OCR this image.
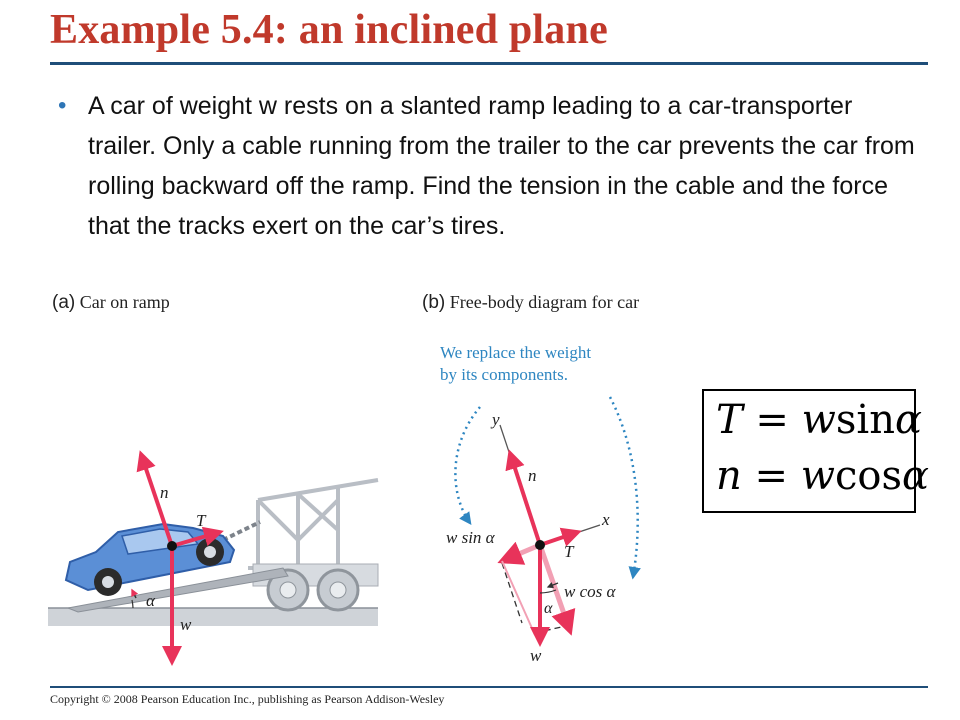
Example 5.4: an inclined plane
• A car of weight w rests on a slanted ramp leading to a car-transporter trailer. Only a cable running from the trailer to the car prevents the car from rolling backward off the ramp. Find the tension in the cable and the force that the tracks exert on the car’s tires.
(a) Car on ramp	(b) Free-body diagram for car
We replace the weight
by its components.
n
T
α
w
y
x
n
T
w sin α
w cos α
α
w
T = wsinα
n = wcosα
Copyright © 2008 Pearson Education Inc., publishing as Pearson Addison-Wesley
